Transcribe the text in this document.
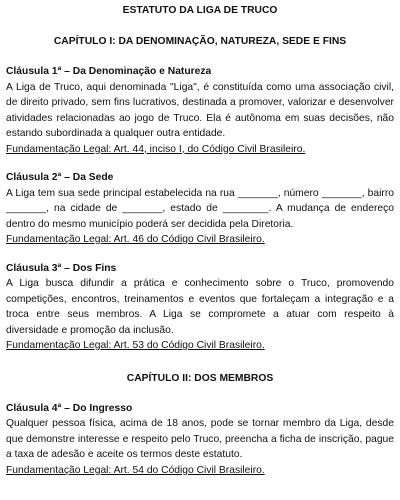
ESTATUTO DA LIGA DE TRUCO
CAPÍTULO I: DA DENOMINAÇÃO, NATUREZA, SEDE E FINS

Cláusula 1ª – Da Denominação e Natureza

A Liga de Truco, aqui denominada "Liga", é constituída como uma associação civil, de direito privado, sem fins lucrativos, destinada a promover, valorizar e desenvolver atividades relacionadas ao jogo de Truco. Ela é autônoma em suas decisões, não estando subordinada a qualquer outra entidade.

Fundamentação Legal: Art. 44, inciso I, do Código Civil Brasileiro.

Cláusula 2ª – Da Sede

A Liga tem sua sede principal estabelecida na rua _______, número _______, bairro _______, na cidade de _______, estado de ________. A mudança de endereço dentro do mesmo município poderá ser decidida pela Diretoria.

Fundamentação Legal: Art. 46 do Código Civil Brasileiro.

Cláusula 3ª – Dos Fins

A Liga busca difundir a prática e conhecimento sobre o Truco, promovendo competições, encontros, treinamentos e eventos que fortaleçam a integração e a troca entre seus membros. A Liga se compromete a atuar com respeito à diversidade e promoção da inclusão.

Fundamentação Legal: Art. 53 do Código Civil Brasileiro.

CAPÍTULO II: DOS MEMBROS

Cláusula 4ª – Do Ingresso

Qualquer pessoa física, acima de 18 anos, pode se tornar membro da Liga, desde que demonstre interesse e respeito pelo Truco, preencha a ficha de inscrição, pague a taxa de adesão e aceite os termos deste estatuto.

Fundamentação Legal: Art. 54 do Código Civil Brasileiro.
